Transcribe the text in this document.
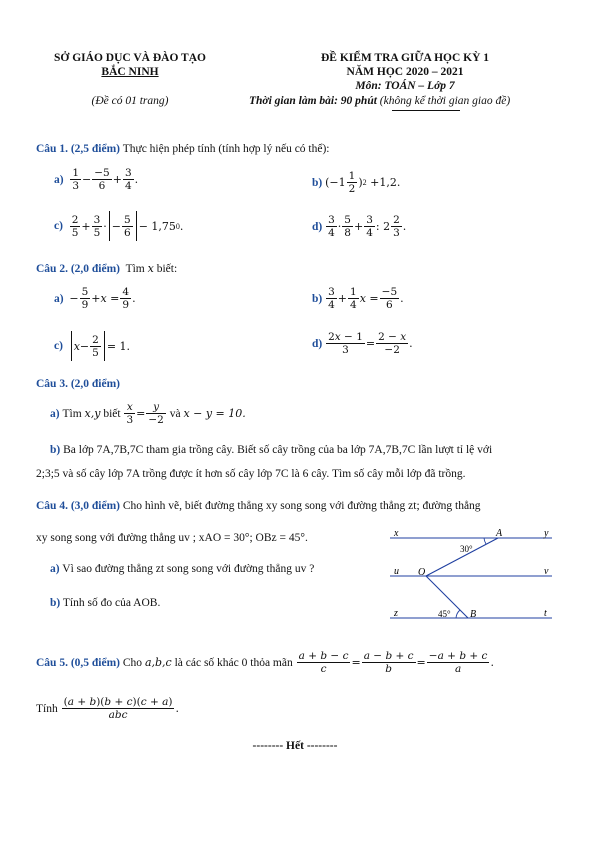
SỞ GIÁO DỤC VÀ ĐÀO TẠO
BẮC NINH
(Đề có 01 trang)
ĐỀ KIỂM TRA GIỮA HỌC KỲ 1
NĂM HỌC 2020 – 2021
Môn: TOÁN – Lớp 7
Thời gian làm bài: 90 phút (không kể thời gian giao đề)
Câu 1. (2,5 điểm) Thực hiện phép tính (tính hợp lý nếu có thể):
a)
$\frac{1}{3} - \frac{-5}{6} + \frac{3}{4}$ .	b)
($-1 \frac{1}{2}$ ) 2 +1,2.
c)
$\frac{2}{5} + \frac{3}{5}$ · − $\frac{5}{6} - 1,75$ 0 .	d)
$\frac{3}{4} \cdot \frac{5}{8} + \frac{3}{4}$ : $2 \frac{2}{3}$ .
Câu 2. (2,0 điểm) Tìm x biết:
a)
− $\frac{5}{9} + x = \frac{4}{9}$ .	b)
$\frac{3}{4} + \frac{1}{4}$ $x = \frac{-5}{6}$ .
c)
$x - \frac{2}{5} = 1$.	d)
$\frac{2x - 1}{3} = \frac{2 - x}{-2}$ .
Câu 3. (2,0 điểm)
a)
Tìm
x,y
biết
$\frac{x}{3} = \frac{y}{-2}$
và
x − y = 10.
b) Ba lớp 7A,7B,7C tham gia trồng cây. Biết số cây trồng của ba lớp 7A,7B,7C lần lượt tỉ lệ với
2;3;5 và số cây lớp 7A trồng được ít hơn số cây lớp 7C là 6 cây. Tìm số cây mỗi lớp đã trồng.
Câu 4. (3,0 điểm) Cho hình vẽ, biết đường thẳng xy song song với đường thẳng zt; đường thẳng
xy song song với đường thẳng uv ; xAO = 30°; OBz = 45°.
a) Vì sao đường thẳng zt song song với đường thẳng uv ?
b) Tính số đo của AOB.
x	y
u	v
z	t
A
O
B
30°
45°
Câu 5. (0,5 điểm)
Cho
a,b,c
là các số khác 0 thỏa mãn
$\frac{a + b - c}{c} = \frac{a - b + c}{b} = \frac{-a + b + c}{a}$ .
Tính
$\frac{(a + b)(b + c)(c + a)}{\text{abc}}$ .
-------- Hết --------
